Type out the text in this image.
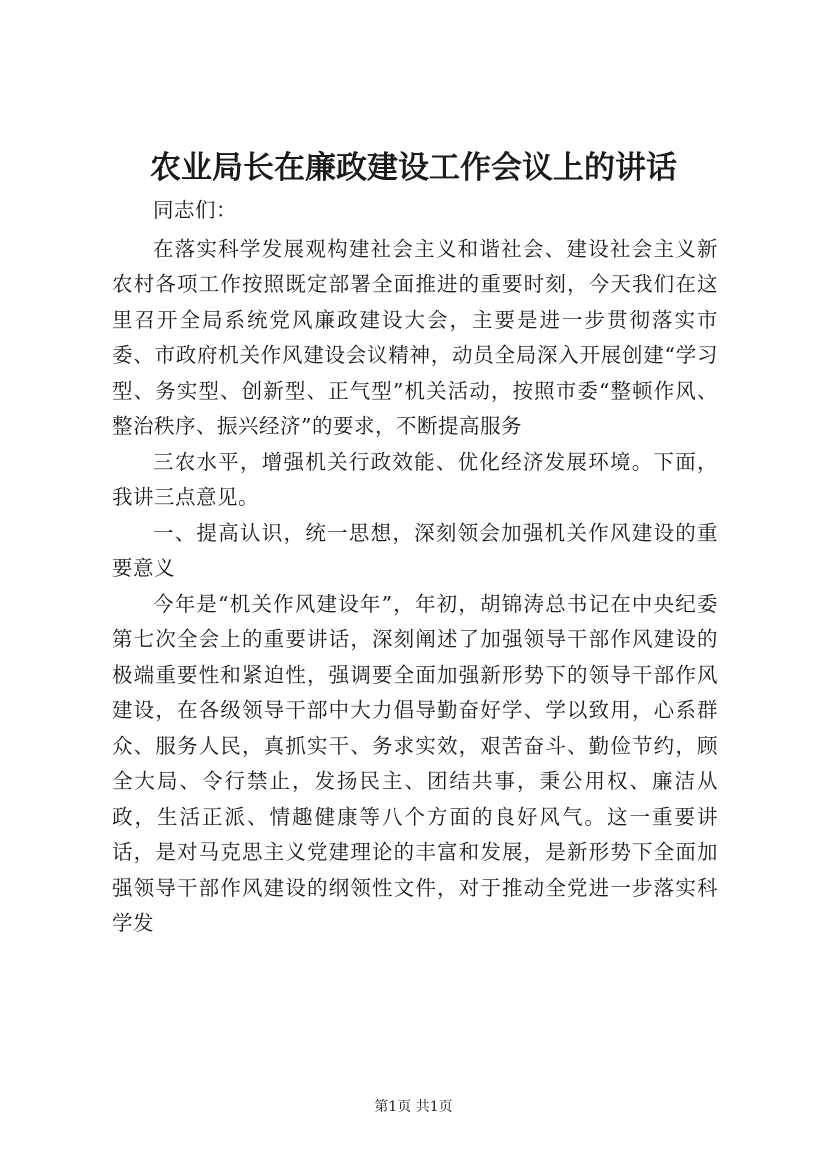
农业局长在廉政建设工作会议上的讲话

同志们：

在落实科学发展观构建社会主义和谐社会、建设社会主义新农村各项工作按照既定部署全面推进的重要时刻，今天我们在这里召开全局系统党风廉政建设大会，主要是进一步贯彻落实市委、市政府机关作风建设会议精神，动员全局深入开展创建“学习型、务实型、创新型、正气型”机关活动，按照市委“整顿作风、整治秩序、振兴经济”的要求，不断提高服务

三农水平，增强机关行政效能、优化经济发展环境。下面，我讲三点意见。

一、提高认识，统一思想，深刻领会加强机关作风建设的重要意义

今年是“机关作风建设年”，年初，胡锦涛总书记在中央纪委第七次全会上的重要讲话，深刻阐述了加强领导干部作风建设的极端重要性和紧迫性，强调要全面加强新形势下的领导干部作风建设，在各级领导干部中大力倡导勤奋好学、学以致用，心系群众、服务人民，真抓实干、务求实效，艰苦奋斗、勤俭节约，顾全大局、令行禁止，发扬民主、团结共事，秉公用权、廉洁从政，生活正派、情趣健康等八个方面的良好风气。这一重要讲话，是对马克思主义党建理论的丰富和发展，是新形势下全面加强领导干部作风建设的纲领性文件，对于推动全党进一步落实科学发

第1页 共1页
